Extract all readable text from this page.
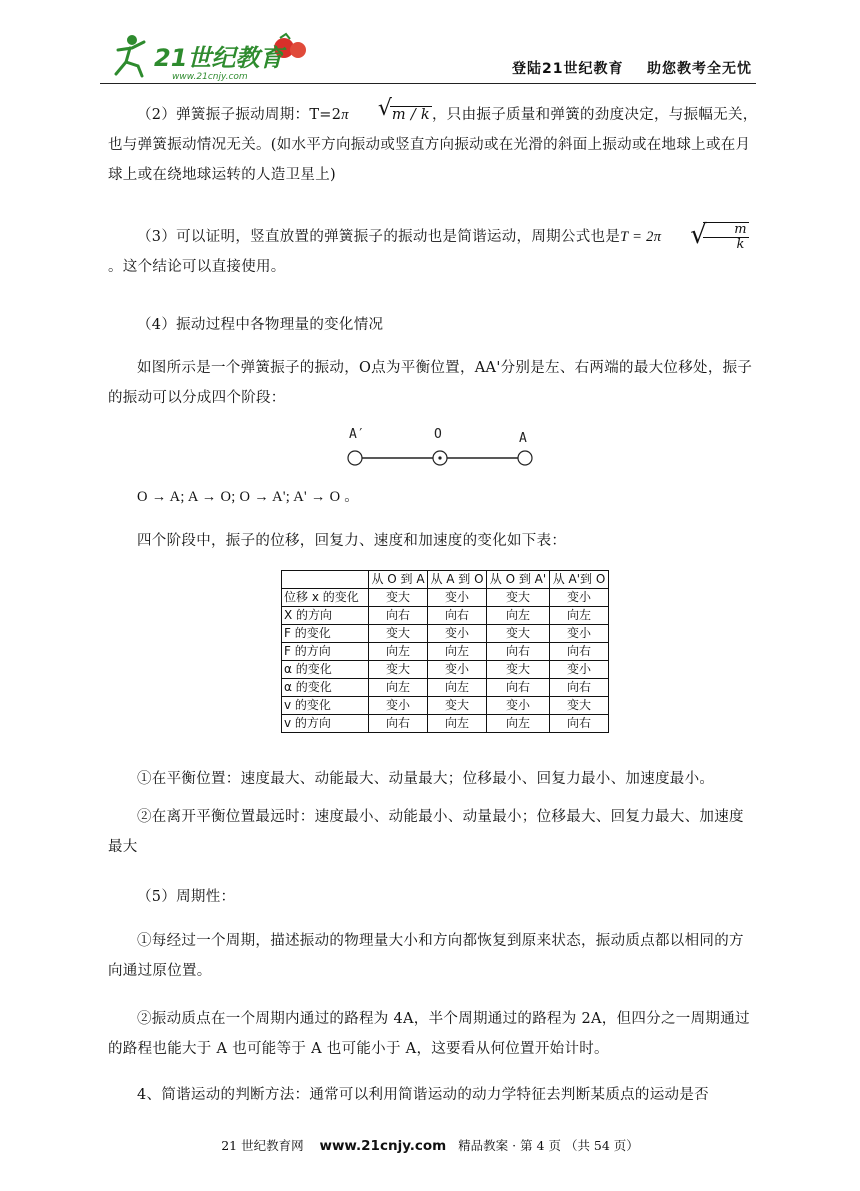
21世纪教育
www.21cnjy.com	登陆21世纪教育    助您教考全无忧
（2）弹簧振子振动周期：T=2π	√ m / k ，只由振子质量和弹簧的劲度决定，与振幅无关，也与弹簧振动情况无关。(如水平方向振动或竖直方向振动或在光滑的斜面上振动或在地球上或在月球上或在绕地球运转的人造卫星上)
（3）可以证明，竖直放置的弹簧振子的振动也是简谐运动，周期公式也是T = 2π	√
$\frac{m}{k}$
。这个结论可以直接使用。
（4）振动过程中各物理量的变化情况
如图所示是一个弹簧振子的振动，O点为平衡位置，AA'分别是左、右两端的最大位移处，振子的振动可以分成四个阶段：
A′	O	A
O → A; A → O; O → A'; A' → O 。
四个阶段中，振子的位移，回复力、速度和加速度的变化如下表：
	从 O 到 A	从 A 到 O	从 O 到 A'	从 A'到 O
位移 x 的变化	变大	变小	变大	变小
X 的方向	向右	向右	向左	向左
F 的变化	变大	变小	变大	变小
F 的方向	向左	向左	向右	向右
α 的变化	变大	变小	变大	变小
α 的变化	向左	向左	向右	向右
v 的变化	变小	变大	变小	变大
v 的方向	向右	向左	向左	向右
①在平衡位置：速度最大、动能最大、动量最大；位移最小、回复力最小、加速度最小。
②在离开平衡位置最远时：速度最小、动能最小、动量最小；位移最大、回复力最大、加速度最大
（5）周期性：
①每经过一个周期，描述振动的物理量大小和方向都恢复到原来状态，振动质点都以相同的方向通过原位置。
②振动质点在一个周期内通过的路程为 4A，半个周期通过的路程为 2A，但四分之一周期通过的路程也能大于 A 也可能等于 A 也可能小于 A，这要看从何位置开始计时。
4、简谐运动的判断方法：通常可以利用简谐运动的动力学特征去判断某质点的运动是否
21 世纪教育网 www.21cnjy.com 精品教案 · 第 4 页 （共 54 页）
